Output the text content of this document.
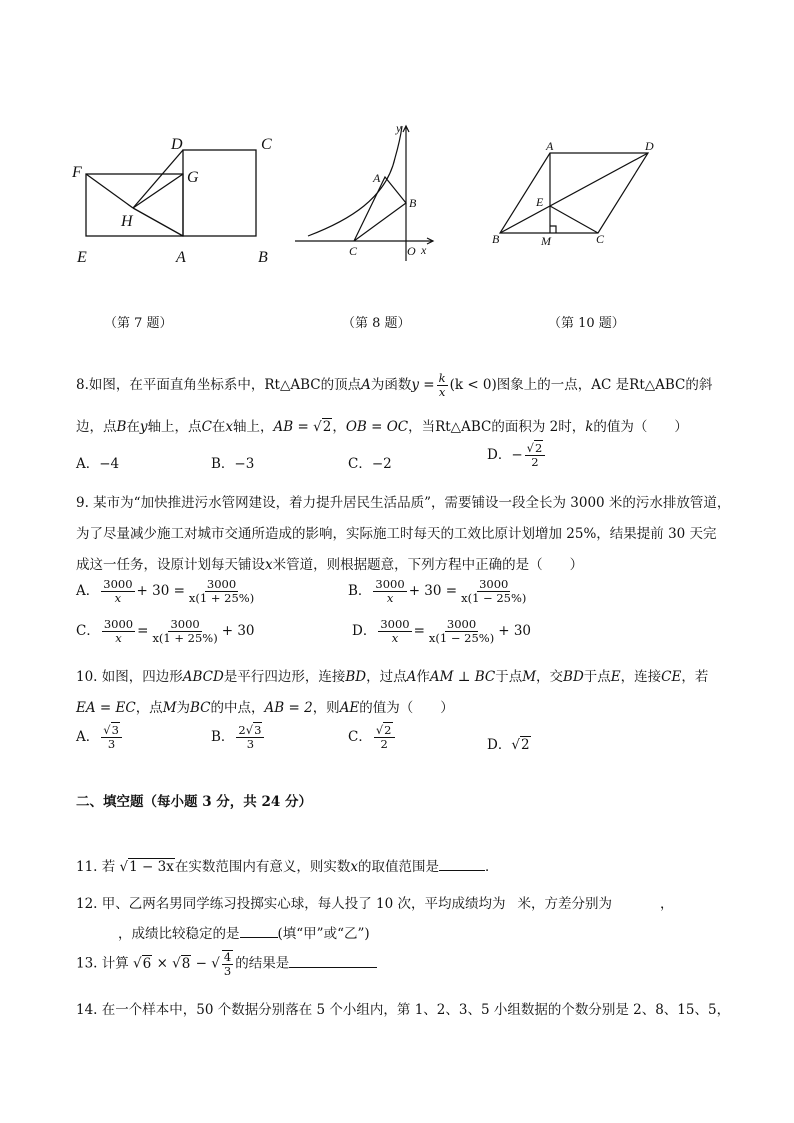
F
D	C
G
H
E	A	B
y
A
B
C	O x
A	D
E
B	M	C
（第 7 题）	（第 8 题）	（第 10 题）
8.如图，在平面直角坐标系中，Rt△ABC的顶点A为函数$y = \frac{k}{x} (k < 0)$图象上的一点，AC 是Rt△ABC的斜
边，点B在y轴上，点C在x轴上，AB = √2，OB = OC，当Rt△ABC的面积为 2时，k的值为（　　）
A．−4	B．−3	C．−2
D．− $\frac{√2}{2}$
9. 某市为“加快推进污水管网建设，着力提升居民生活品质”，需要铺设一段全长为 3000 米的污水排放管道，
为了尽量减少施工对城市交通所造成的影响，实际施工时每天的工效比原计划增加 25%，结果提前 30 天完
成这一任务，设原计划每天铺设x米管道，则根据题意，下列方程中正确的是（　　）
A． $\frac{3000}{x} + 30 = \frac{3000}{x(1 + 25\%)}$	B． $\frac{3000}{x} + 30 = \frac{3000}{x(1 - 25\%)}$
C． $\frac{3000}{x} = \frac{3000}{x(1 + 25\%)} + 30$	D． $\frac{3000}{x} = \frac{3000}{x(1 - 25\%)} + 30$
10. 如图，四边形ABCD是平行四边形，连接BD，过点A作AM ⊥ BC于点M，交BD于点E，连接CE，若
EA = EC，点M为BC的中点，AB = 2，则AE的值为（　　）
A． $\frac{√3}{3}$	B． $\frac{2√3}{3}$	C． $\frac{√2}{2}$	D．√2
二、填空题（每小题 3 分，共 24 分）
11. 若 √1 − 3x在实数范围内有意义，则实数x的取值范围是	．
12. 甲、乙两名男同学练习投掷实心球，每人投了 10 次，平均成绩均为 米，方差分别为	，
，成绩比较稳定的是	(填“甲”或“乙”)
13. 计算 √6 × √8 − √ $\frac{4}{3}$ 的结果是
14. 在一个样本中，50 个数据分别落在 5 个小组内，第 1、2、3、5 小组数据的个数分别是 2、8、15、5，
